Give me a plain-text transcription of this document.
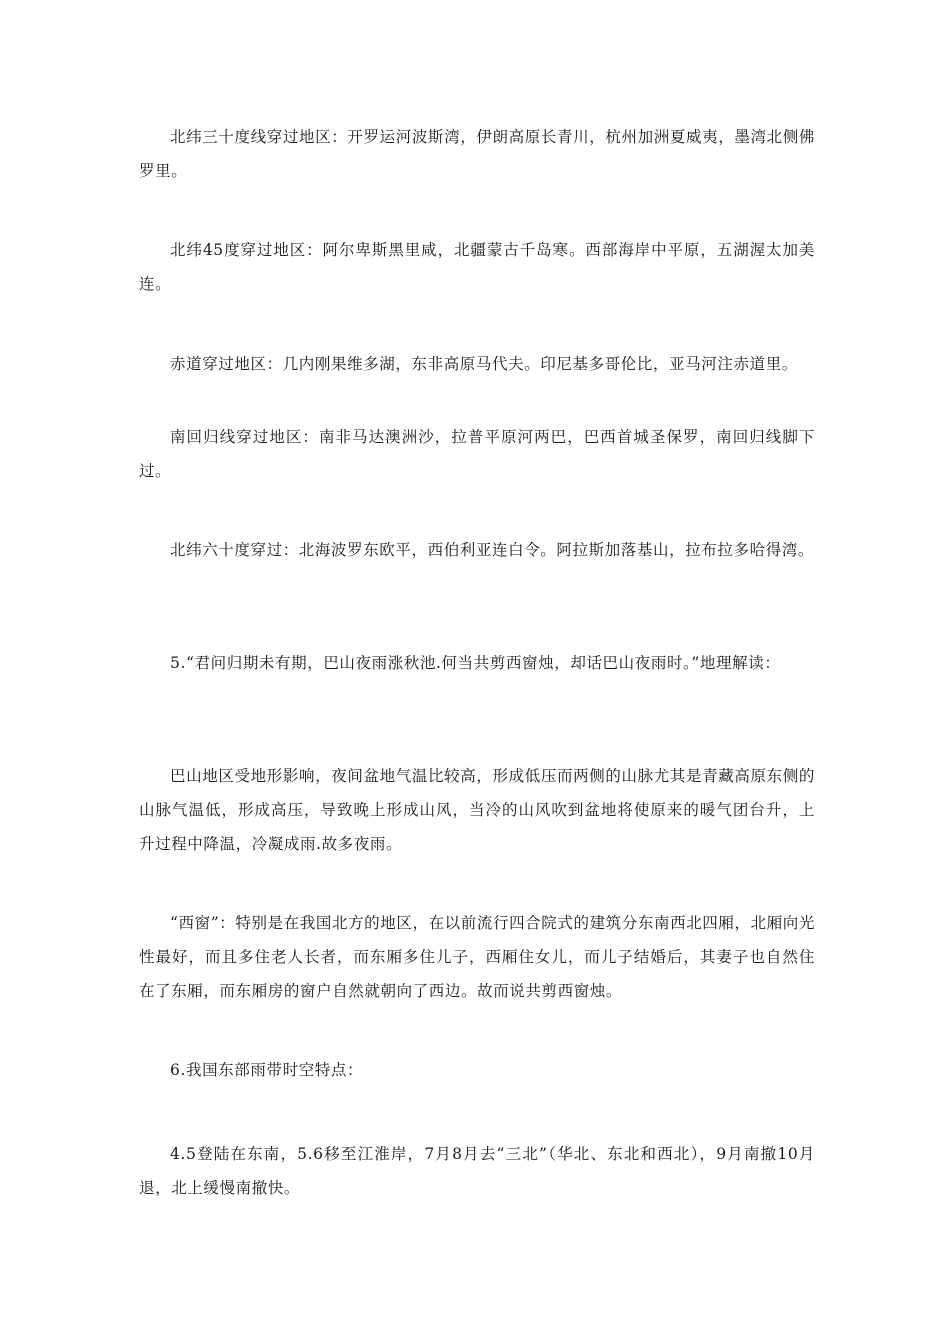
北纬三十度线穿过地区：开罗运河波斯湾，伊朗高原长青川，杭州加洲夏威夷，墨湾北侧佛罗里。

北纬45度穿过地区：阿尔卑斯黑里咸，北疆蒙古千岛寒。西部海岸中平原，五湖渥太加美连。

赤道穿过地区：几内刚果维多湖，东非高原马代夫。印尼基多哥伦比，亚马河注赤道里。

南回归线穿过地区：南非马达澳洲沙，拉普平原河两巴，巴西首城圣保罗，南回归线脚下过。

北纬六十度穿过：北海波罗东欧平，西伯利亚连白令。阿拉斯加落基山，拉布拉多哈得湾。

5.“君问归期未有期，巴山夜雨涨秋池.何当共剪西窗烛，却话巴山夜雨时。”地理解读：

巴山地区受地形影响，夜间盆地气温比较高，形成低压而两侧的山脉尤其是青藏高原东侧的山脉气温低，形成高压，导致晚上形成山风，当冷的山风吹到盆地将使原来的暖气团台升，上升过程中降温，冷凝成雨.故多夜雨。

“西窗”：特别是在我国北方的地区，在以前流行四合院式的建筑分东南西北四厢，北厢向光性最好，而且多住老人长者，而东厢多住儿子，西厢住女儿，而儿子结婚后，其妻子也自然住在了东厢，而东厢房的窗户自然就朝向了西边。故而说共剪西窗烛。

6.我国东部雨带时空特点：

4.5登陆在东南，5.6移至江淮岸，7月8月去“三北”（华北、东北和西北），9月南撤10月退，北上缓慢南撤快。
